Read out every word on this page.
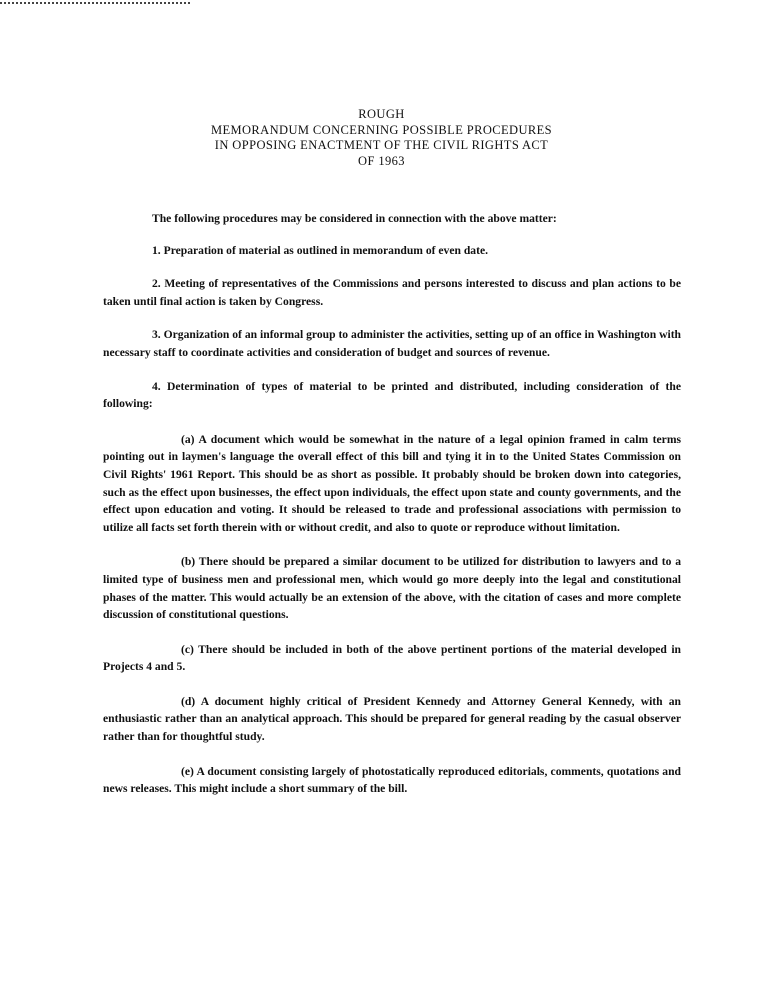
ROUGH
MEMORANDUM CONCERNING POSSIBLE PROCEDURES
IN OPPOSING ENACTMENT OF THE CIVIL RIGHTS ACT
OF 1963

The following procedures may be considered in connection with the above matter:

1. Preparation of material as outlined in memorandum of even date.

2. Meeting of representatives of the Commissions and persons interested to discuss and plan actions to be taken until final action is taken by Congress.

3. Organization of an informal group to administer the activities, setting up of an office in Washington with necessary staff to coordinate activities and consideration of budget and sources of revenue.

4. Determination of types of material to be printed and distributed, including consideration of the following:

(a) A document which would be somewhat in the nature of a legal opinion framed in calm terms pointing out in laymen's language the overall effect of this bill and tying it in to the United States Commission on Civil Rights' 1961 Report. This should be as short as possible. It probably should be broken down into categories, such as the effect upon businesses, the effect upon individuals, the effect upon state and county governments, and the effect upon education and voting. It should be released to trade and professional associations with permission to utilize all facts set forth therein with or without credit, and also to quote or reproduce without limitation.

(b) There should be prepared a similar document to be utilized for distribution to lawyers and to a limited type of business men and professional men, which would go more deeply into the legal and constitutional phases of the matter. This would actually be an extension of the above, with the citation of cases and more complete discussion of constitutional questions.

(c) There should be included in both of the above pertinent portions of the material developed in Projects 4 and 5.

(d) A document highly critical of President Kennedy and Attorney General Kennedy, with an enthusiastic rather than an analytical approach. This should be prepared for general reading by the casual observer rather than for thoughtful study.

(e) A document consisting largely of photostatically reproduced editorials, comments, quotations and news releases. This might include a short summary of the bill.
